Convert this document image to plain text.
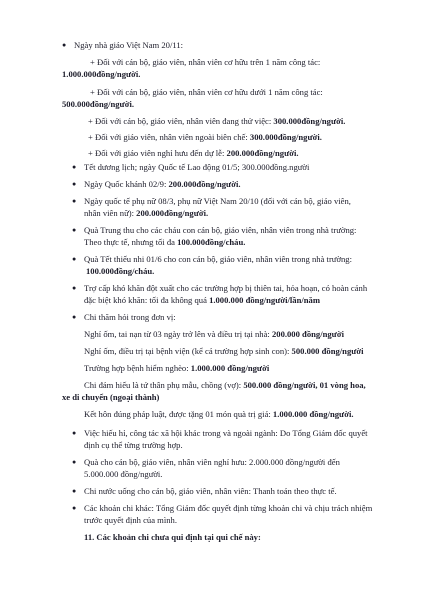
● Ngày nhà giáo Việt Nam 20/11:
+ Đối với cán bộ, giáo viên, nhân viên cơ hữu trên 1 năm công tác:
1.000.000đồng/người.
+ Đối với cán bộ, giáo viên, nhân viên cơ hữu dưới 1 năm công tác:
500.000đồng/người.
+ Đối với cán bộ, giáo viên, nhân viên đang thử việc: 300.000đồng/người.
+ Đối với giáo viên, nhân viên ngoài biên chế: 300.000đồng/người.
+ Đối với giáo viên nghỉ hưu đến dự lễ: 200.000đồng/người.
● Tết dương lịch; ngày Quốc tế Lao động 01/5; 300.000đồng.người
● Ngày Quốc khánh 02/9: 200.000đồng/người.
● Ngày quốc tế phụ nữ 08/3, phụ nữ Việt Nam 20/10 (đối với cán bộ, giáo viên,
nhân viên nữ): 200.000đồng/người.
● Quà Trung thu cho các cháu con cán bộ, giáo viên, nhân viên trong nhà trường:
Theo thực tế, nhưng tối đa 100.000đồng/cháu.
● Quà Tết thiếu nhi 01/6 cho con cán bộ, giáo viên, nhân viên trong nhà trường:
100.000đồng/cháu.
● Trợ cấp khó khăn đột xuất cho các trường hợp bị thiên tai, hỏa hoạn, có hoàn cảnh
đặc biệt khó khăn: tối đa không quá 1.000.000 đồng/người/lần/năm
● Chi thăm hỏi trong đơn vị:
Nghỉ ốm, tai nạn từ 03 ngày trở lên và điều trị tại nhà: 200.000 đồng/người
Nghỉ ốm, điều trị tại bệnh viện (kể cả trường hợp sinh con): 500.000 đồng/người
Trường hợp bệnh hiểm nghèo: 1.000.000 đồng/người
Chi đám hiếu là tứ thân phụ mẫu, chồng (vợ): 500.000 đồng/người, 01 vòng hoa,
xe di chuyển (ngoại thành)
Kết hôn đúng pháp luật, được tặng 01 món quà trị giá: 1.000.000 đồng/người.
● Việc hiếu hỉ, công tác xã hội khác trong và ngoài ngành: Do Tổng Giám đốc quyết
định cụ thể từng trường hợp.
● Quà cho cán bộ, giáo viên, nhân viên nghỉ hưu: 2.000.000 đồng/người đến
5.000.000 đồng/người.
● Chi nước uống cho cán bộ, giáo viên, nhân viên: Thanh toán theo thực tế.
● Các khoản chi khác: Tổng Giám đốc quyết định từng khoản chi và chịu trách nhiệm
trước quyết định của mình.
11. Các khoản chi chưa qui định tại qui chế này:
